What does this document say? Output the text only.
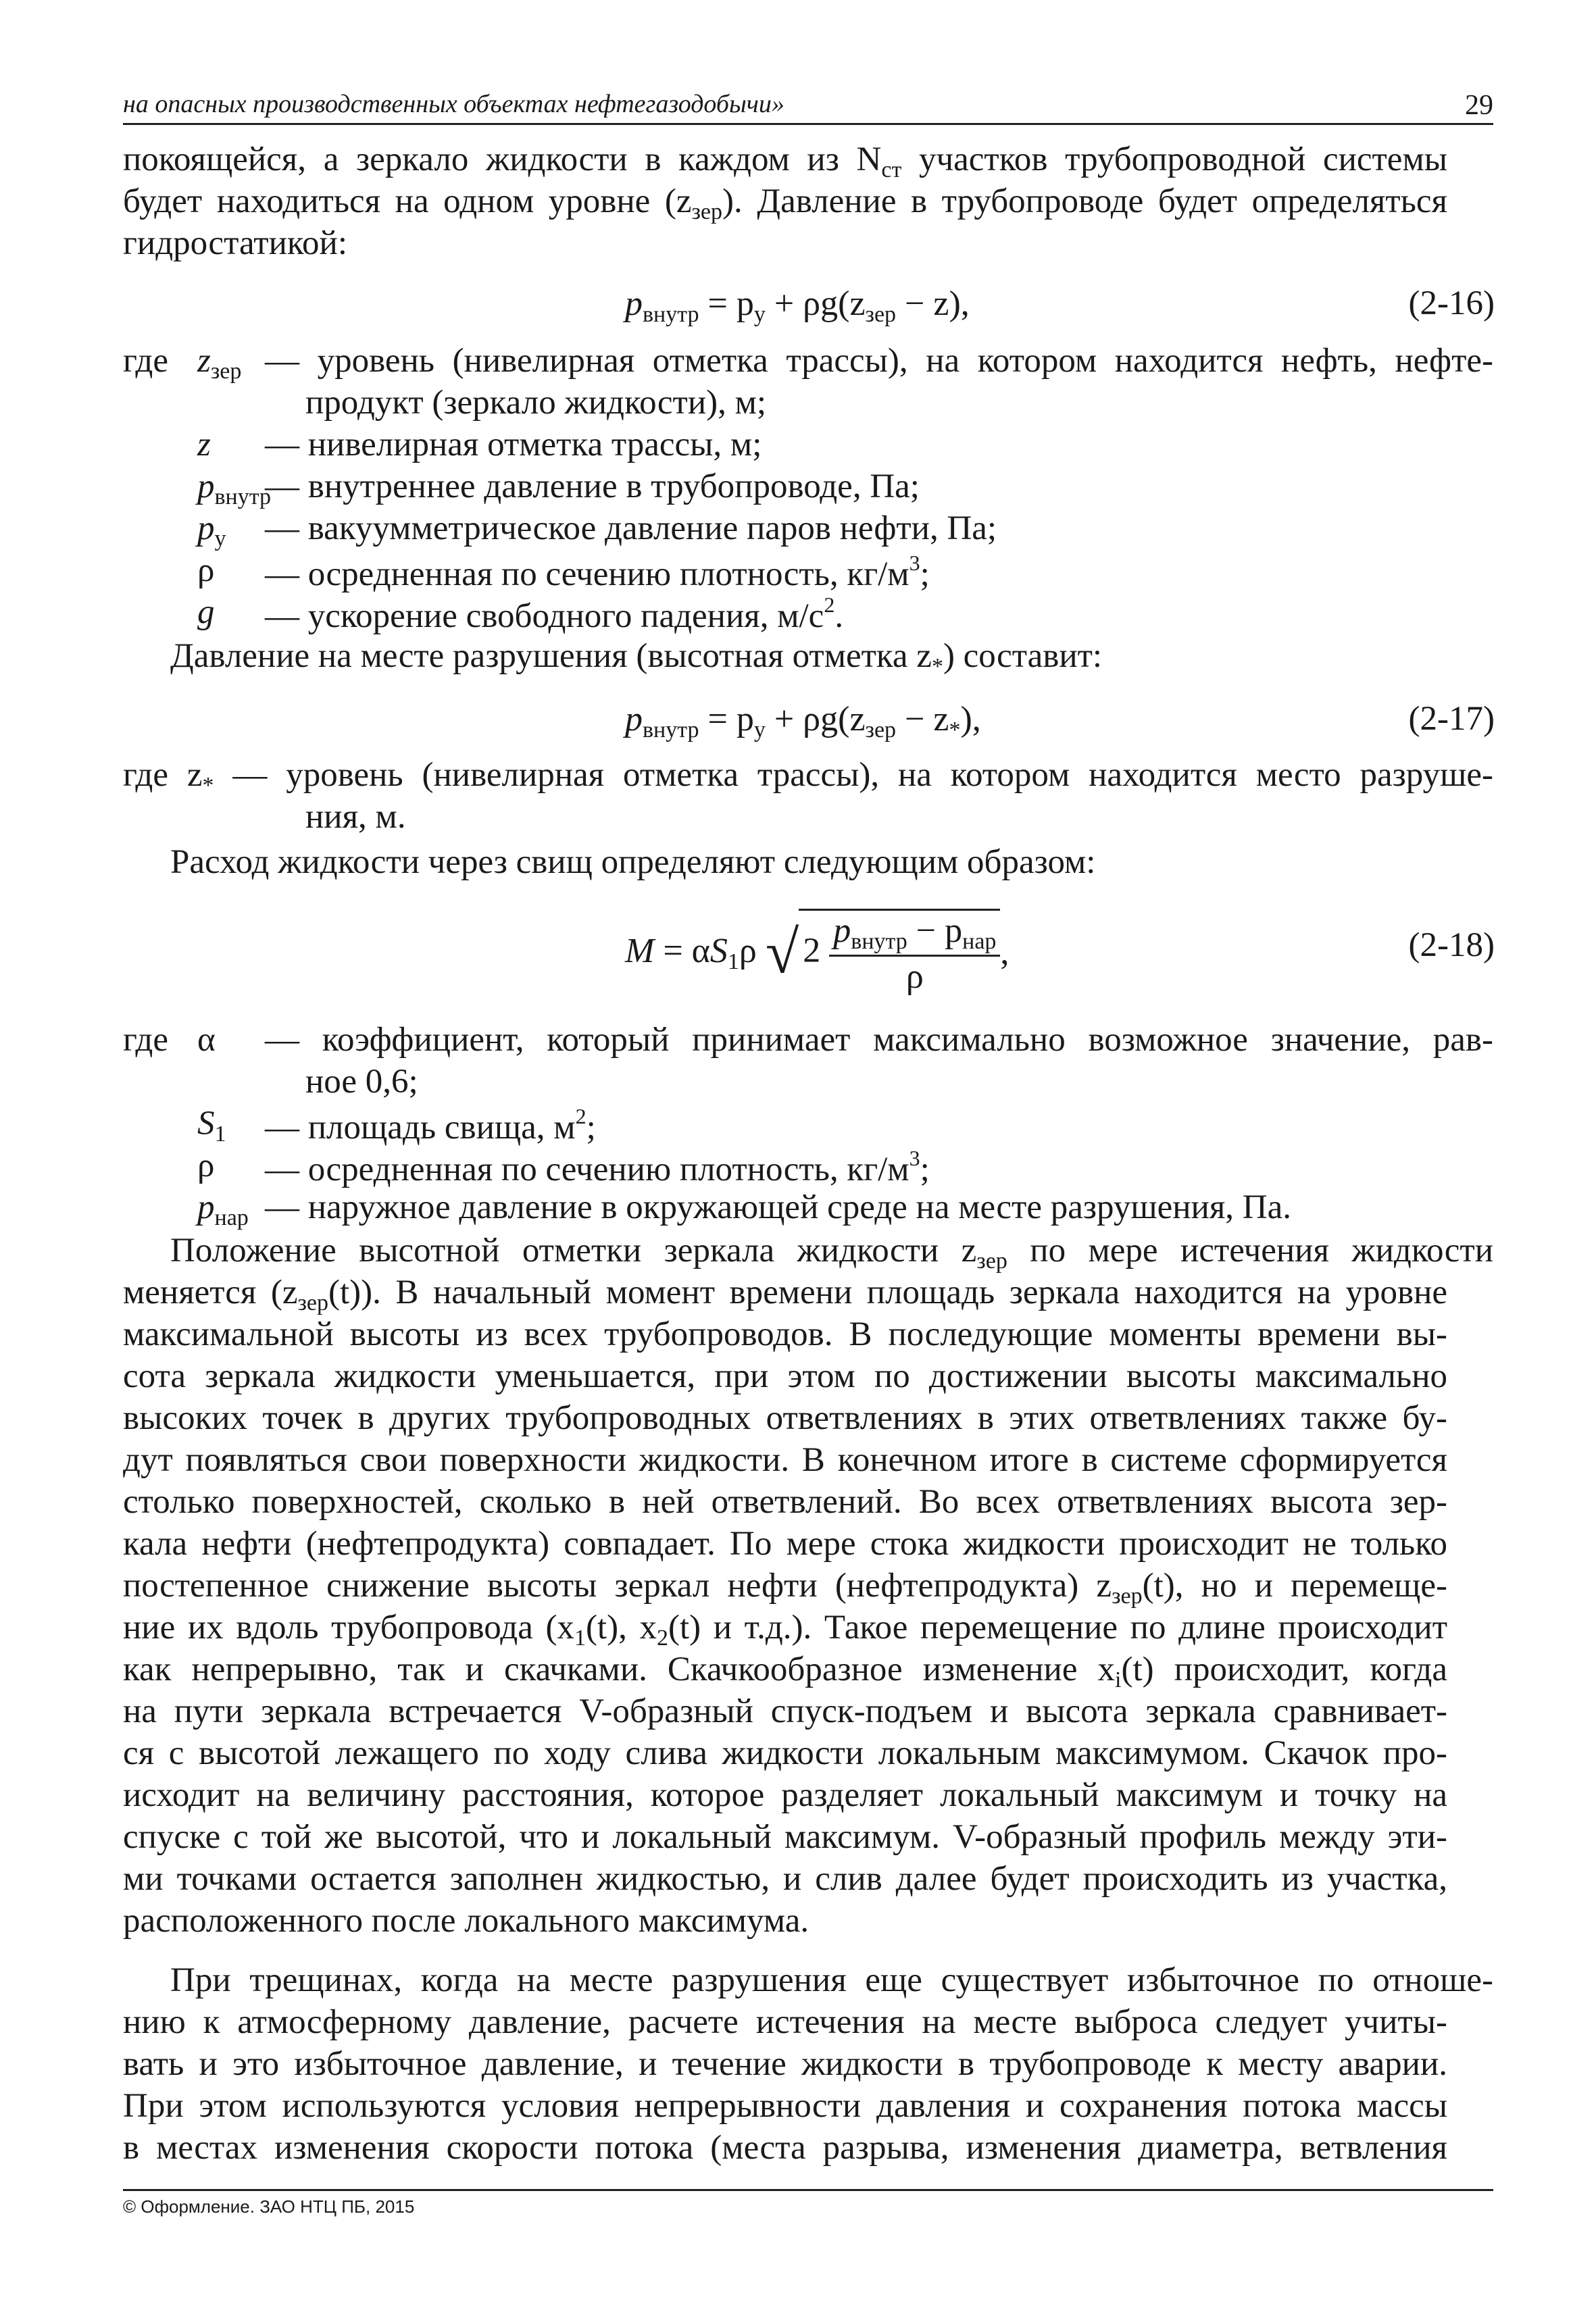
на опасных производственных объектах нефтегазодобычи»	29
покоящейся, а зеркало жидкости в каждом из $N_{ст}$ участков трубопроводной системы
будет находиться на одном уровне $(z_{зер})$. Давление в трубопроводе будет определяться
гидростатикой:
$p_{внутр} = p_у + \rho g(z_{зер} - z)$,	(2-16)
где $z_{зер}$ — уровень (нивелирная отметка трассы), на котором находится нефть, нефте-
продукт (зеркало жидкости), м;
z — нивелирная отметка трассы, м;
$p_{внутр}$
— внутреннее давление в трубопроводе, Па;
$p_у$ — вакуумметрическое давление паров нефти, Па;
ρ — осредненная по сечению плотность, $кг/м^3$;
g — ускорение свободного падения, $м/с^2$.
Давление на месте разрушения (высотная отметка $z_*$) составит:
$p_{внутр} = p_у + \rho g(z_{зер} - z_*)$,	(2-17)
где $z_*$ — уровень (нивелирная отметка трассы), на котором находится место разруше-
ния, м.
Расход жидкости через свищ определяют следующим образом:
$M = \alpha S_1\rho$ √ $2 \frac{p_{внутр} - p_{нар}}{\rho}$ ,	(2-18)
где α — коэффициент, который принимает максимально возможное значение, рав-
ное 0,6;
$S_1$ — площадь свища, $м^2$;
ρ — осредненная по сечению плотность, $кг/м^3$;
$p_{нар}$ — наружное давление в окружающей среде на месте разрушения, Па.
Положение высотной отметки зеркала жидкости $z_{зер}$ по мере истечения жидкости
меняется $(z_{зер}(t))$. В начальный момент времени площадь зеркала находится на уровне
максимальной высоты из всех трубопроводов. В последующие моменты времени вы-
сота зеркала жидкости уменьшается, при этом по достижении высоты максимально
высоких точек в других трубопроводных ответвлениях в этих ответвлениях также бу-
дут появляться свои поверхности жидкости. В конечном итоге в системе сформируется
столько поверхностей, сколько в ней ответвлений. Во всех ответвлениях высота зер-
кала нефти (нефтепродукта) совпадает. По мере стока жидкости происходит не только
постепенное снижение высоты зеркал нефти (нефтепродукта) $z_{зер}(t)$, но и перемеще-
ние их вдоль трубопровода ($x_1(t)$, $x_2(t)$ и т.д.). Такое перемещение по длине происходит
как непрерывно, так и скачками. Скачкообразное изменение $x_i(t)$ происходит, когда
на пути зеркала встречается V-образный спуск-подъем и высота зеркала сравнивает-
ся с высотой лежащего по ходу слива жидкости локальным максимумом. Скачок про-
исходит на величину расстояния, которое разделяет локальный максимум и точку на
спуске с той же высотой, что и локальный максимум. V-образный профиль между эти-
ми точками остается заполнен жидкостью, и слив далее будет происходить из участка,
расположенного после локального максимума.
При трещинах, когда на месте разрушения еще существует избыточное по отноше-
нию к атмосферному давление, расчете истечения на месте выброса следует учиты-
вать и это избыточное давление, и течение жидкости в трубопроводе к месту аварии.
При этом используются условия непрерывности давления и сохранения потока массы
в местах изменения скорости потока (места разрыва, изменения диаметра, ветвления
© Оформление. ЗАО НТЦ ПБ, 2015
